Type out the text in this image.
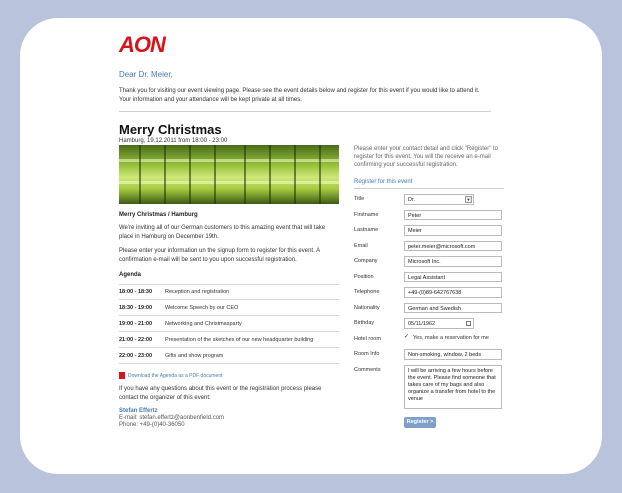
AON
Dear Dr. Meier,
Thank you for visiting our event viewing page. Please see the event details below and register for this event if you would like to attend it. Your information and your attendance will be kept private at all times.
Merry Christmas
Hamburg, 19.12.2011 from 18:00 - 23:00
Merry Christmas / Hamburg
We're inviting all of our German customers to this amazing event that will take place in Hamburg on December 19th.
Please enter your information un the signup form to register for this event. A confirmation e-mail will be sent to you upon successful registration.
Agenda
18:00 - 18:30	Reception and registration
18:30 - 19:00	Welcome Speech by our CEO
19:00 - 21:00	Networking and Christmasparty
21:00 - 22:00	Presentation of the sketches of our new headquarter building
22:00 - 23:00	Gifts and show program
Download the Agenda as a PDF document
If you have any questions about this event or the registration process please contact the organizer of this event:
Stefan Effertz
E-mail: stefan.effertz@aonbenfield.com
Phone: +49-(0)40-36050
Please enter your contact detail and click "Register" to register for this event. You will the receive an e-mail confirming your successful registration.
Register for this event
Title	Dr.	▼
Firstname	Peter
Lastname	Meier
Email	peter.meier@microsoft.com
Company	Microsoft Inc.
Position	Legal Assistant
Telephone	+49-(0)89-642767638
Nationality	German and Swedish
Birthday	05/11/1962
Hotel room	✓ Yes, make a reservation for me
Room Info	Non-smoking, window, 2 beds
Comments	I will be arriving a few hours before the event. Please find someone that takes care of my bags and also organize a transfer from hotel to the venue
Register >
